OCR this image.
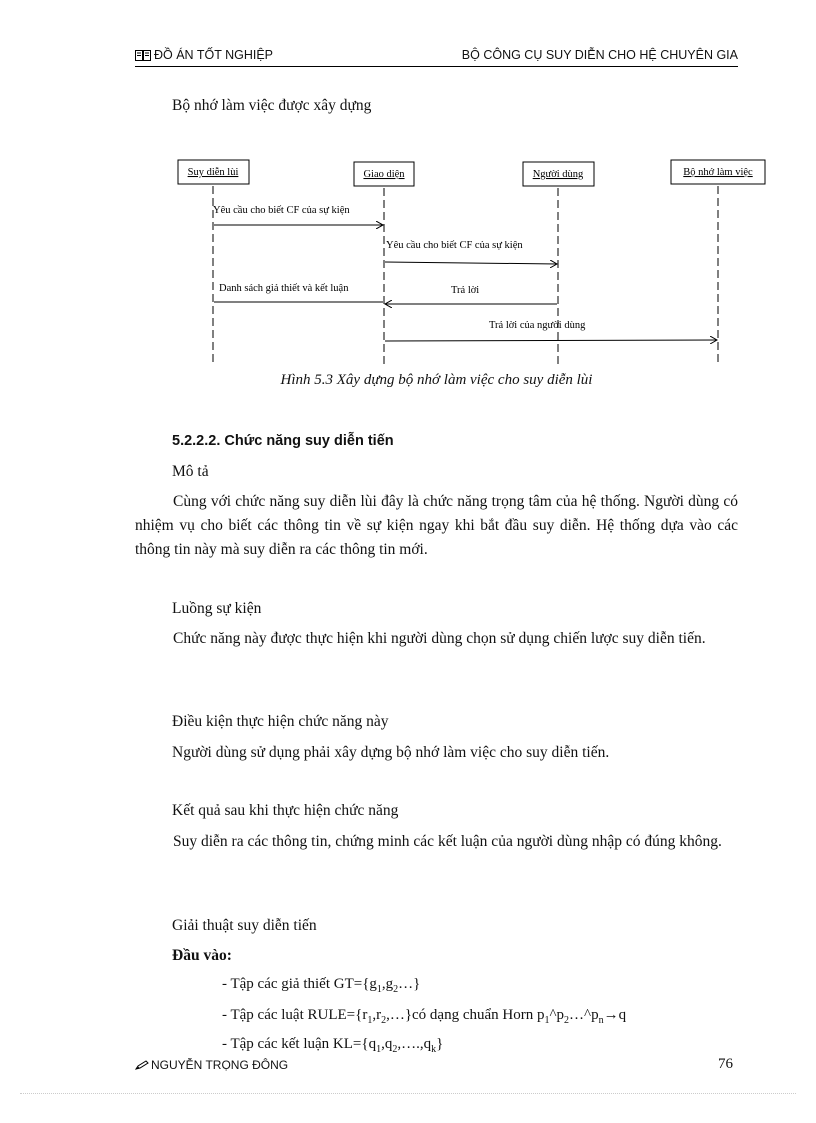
ĐỒ ÁN TỐT NGHIỆP	BỘ CÔNG CỤ SUY DIỄN CHO HỆ CHUYÊN GIA
Bộ nhớ làm việc được xây dựng
Suy diễn lùi	Giao diện	Người dùng	Bộ nhớ làm việc
Yêu cầu cho biết CF của sự kiện
Yêu cầu cho biết CF của sự kiện
Danh sách giả thiết và kết luận	Trả lời
Trả lời của người dùng
Hình 5.3 Xây dựng bộ nhớ làm việc cho suy diễn lùi
5.2.2.2. Chức năng suy diễn tiến
Mô tả
Cùng với chức năng suy diễn lùi đây là chức năng trọng tâm của hệ thống. Người dùng có nhiệm vụ cho biết các thông tin về sự kiện ngay khi bắt đầu suy diễn. Hệ thống dựa vào các thông tin này mà suy diễn ra các thông tin mới.
Luồng sự kiện
Chức năng này được thực hiện khi người dùng chọn sử dụng chiến lược suy diễn tiến.
Điều kiện thực hiện chức năng này
Người dùng sử dụng phải xây dựng bộ nhớ làm việc cho suy diễn tiến.
Kết quả sau khi thực hiện chức năng
Suy diễn ra các thông tin, chứng minh các kết luận của người dùng nhập có đúng không.
Giải thuật suy diễn tiến
Đầu vào:
- Tập các giả thiết $GT=\{g_1,g_2\dots\}$
- Tập các luật $RULE=\{r_1,r_2,\dots\}có$ dạng chuẩn Horn $p_1\^{}p_2\dots\^{}p_n\to q$
- Tập các kết luận $KL=\{q_1,q_2,\dots.,q_k\}$
NGUYỄN TRỌNG ĐÔNG	76
